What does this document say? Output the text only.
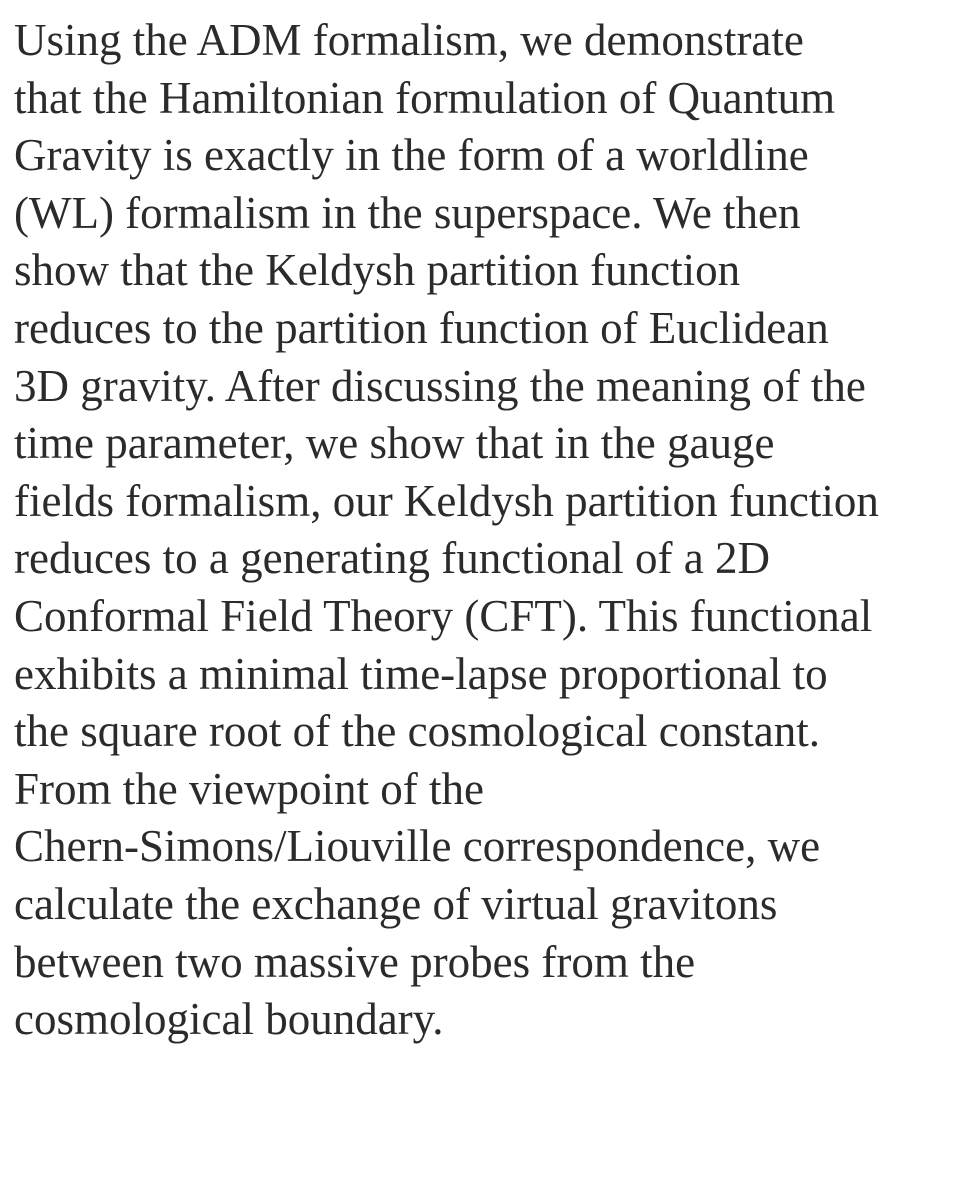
Using the ADM formalism, we demonstrate
that the Hamiltonian formulation of Quantum
Gravity is exactly in the form of a worldline
(WL) formalism in the superspace. We then
show that the Keldysh partition function
reduces to the partition function of Euclidean
3D gravity. After discussing the meaning of the
time parameter, we show that in the gauge
fields formalism, our Keldysh partition function
reduces to a generating functional of a 2D
Conformal Field Theory (CFT). This functional
exhibits a minimal time-lapse proportional to
the square root of the cosmological constant.
From the viewpoint of the
Chern-Simons/Liouville correspondence, we
calculate the exchange of virtual gravitons
between two massive probes from the
cosmological boundary.
